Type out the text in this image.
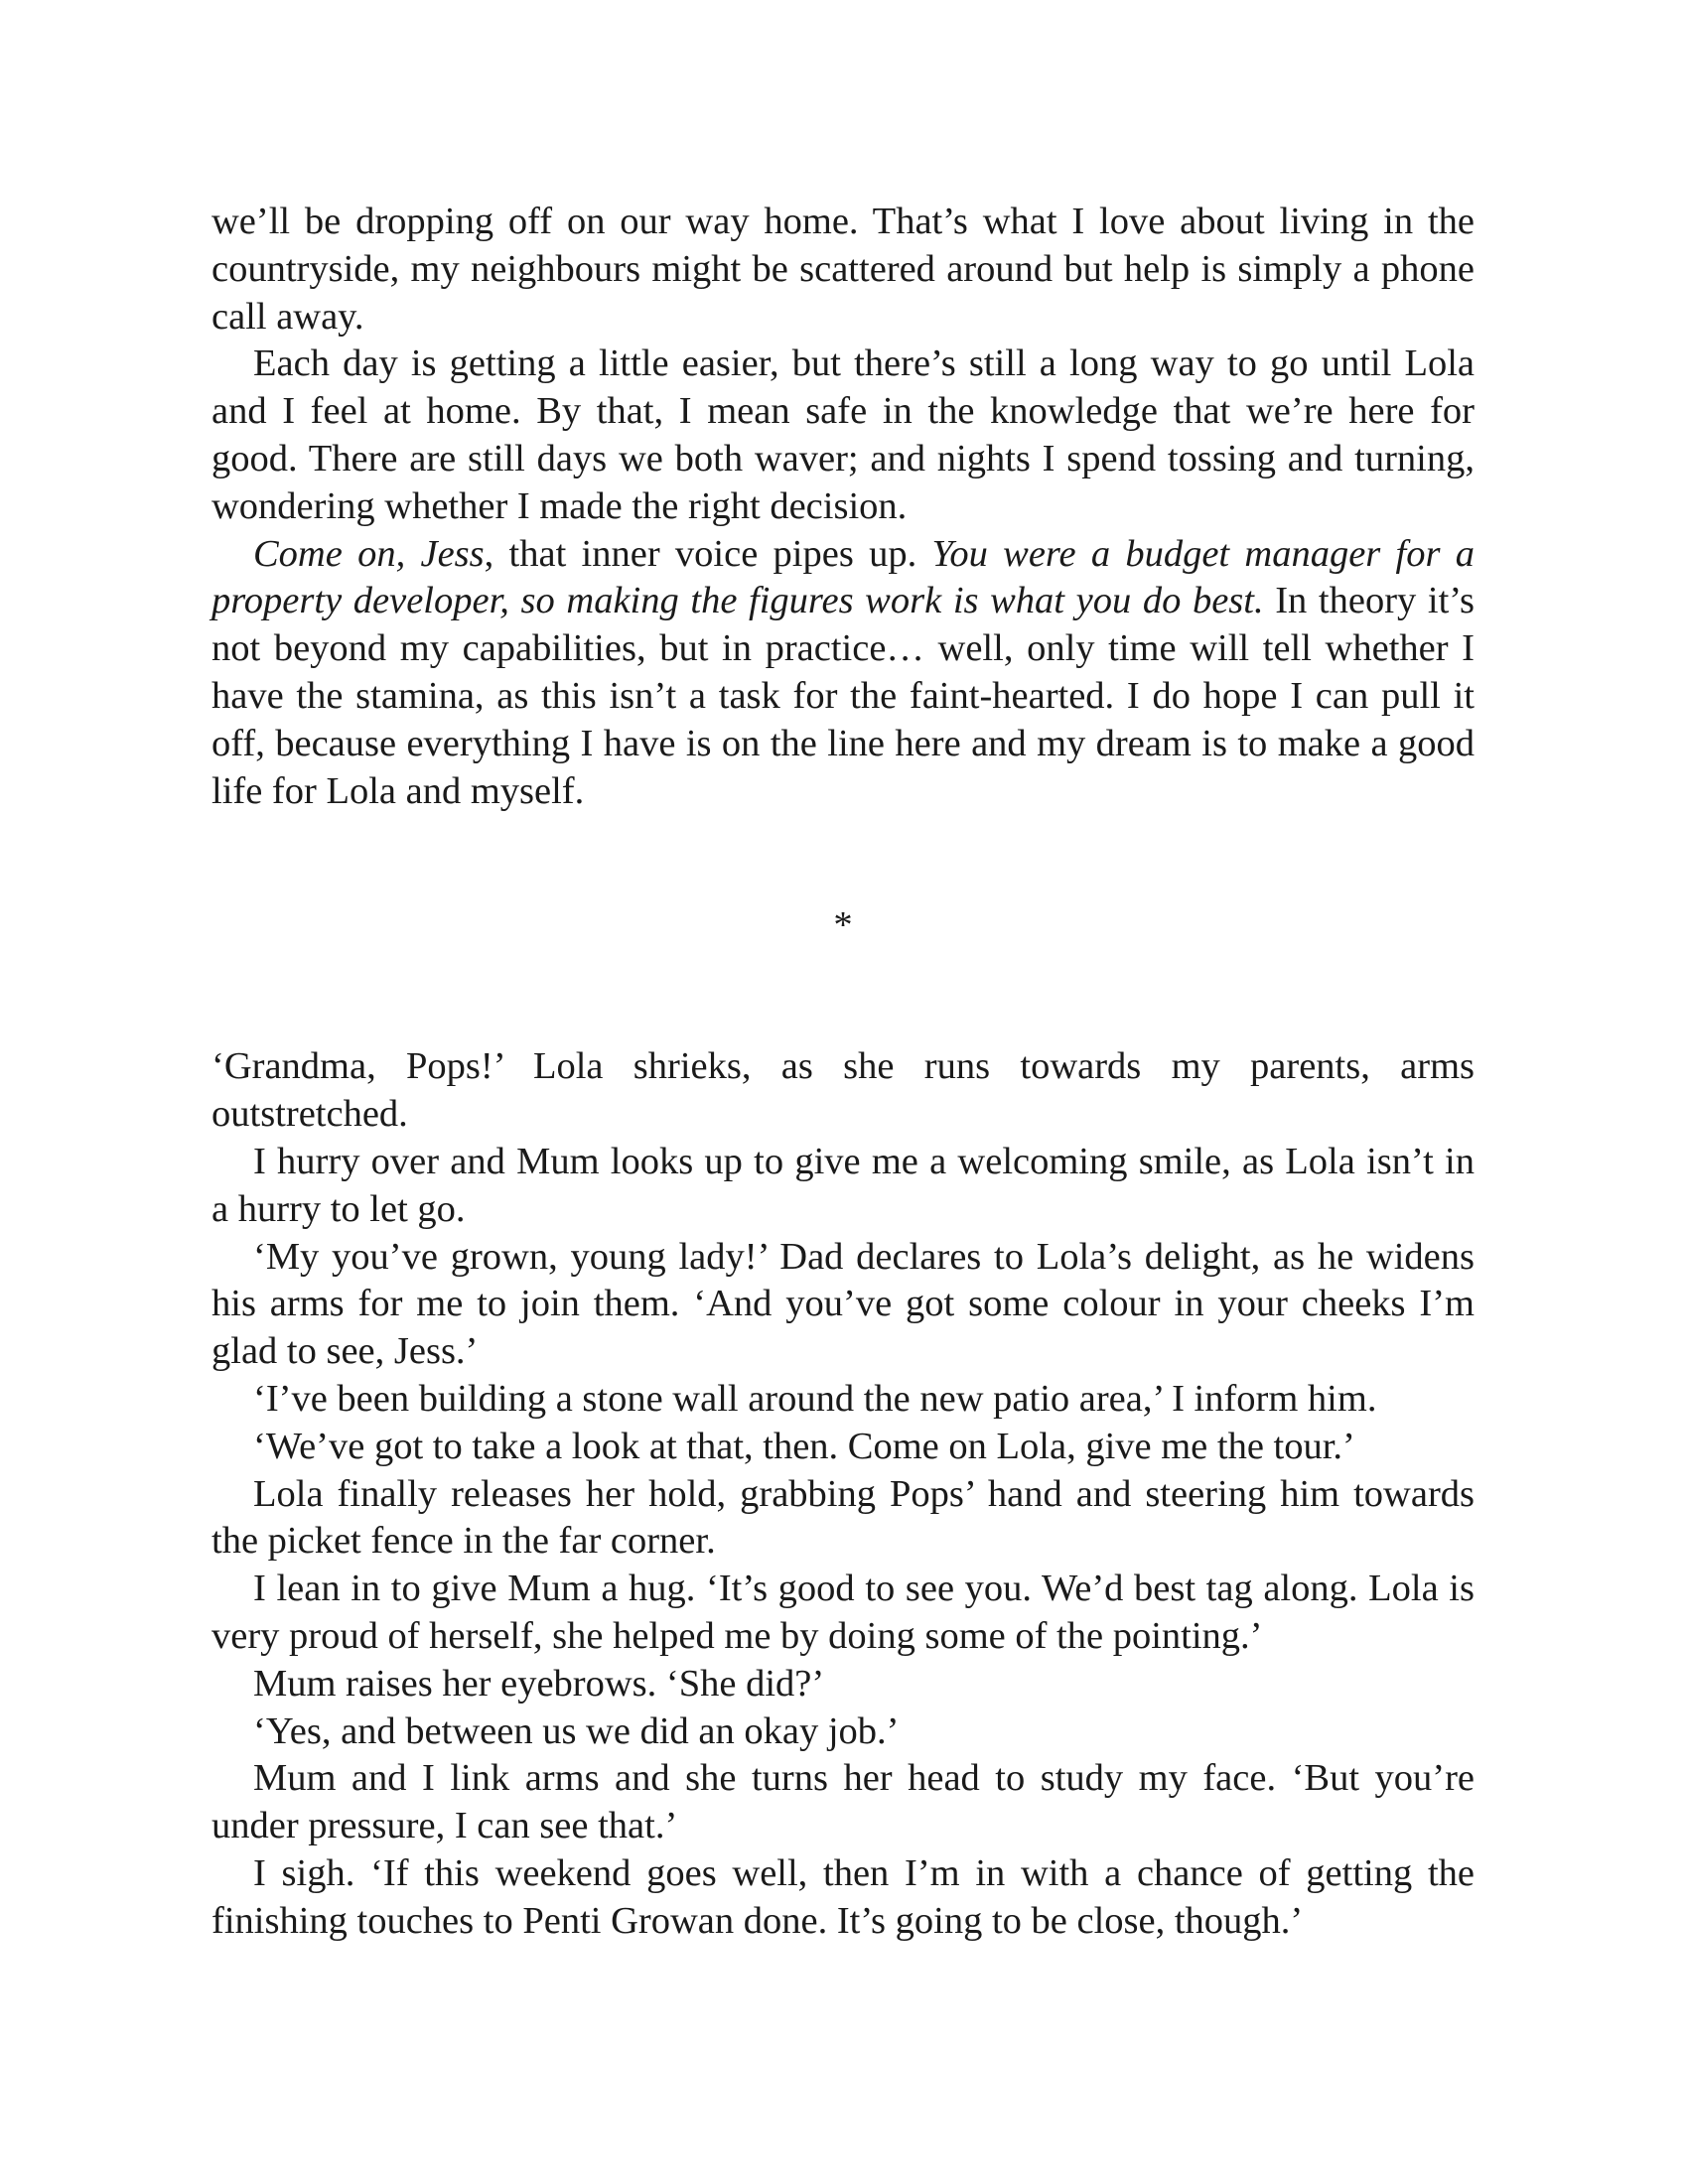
we’ll be dropping off on our way home. That’s what I love about living in the countryside, my neighbours might be scattered around but help is simply a phone call away.

Each day is getting a little easier, but there’s still a long way to go until Lola and I feel at home. By that, I mean safe in the knowledge that we’re here for good. There are still days we both waver; and nights I spend tossing and turning, wondering whether I made the right decision.

Come on, Jess, that inner voice pipes up. You were a budget manager for a property developer, so making the figures work is what you do best. In theory it’s not beyond my capabilities, but in practice… well, only time will tell whether I have the stamina, as this isn’t a task for the faint-hearted. I do hope I can pull it off, because everything I have is on the line here and my dream is to make a good life for Lola and myself.

*

‘Grandma, Pops!’ Lola shrieks, as she runs towards my parents, arms outstretched.

I hurry over and Mum looks up to give me a welcoming smile, as Lola isn’t in a hurry to let go.

‘My you’ve grown, young lady!’ Dad declares to Lola’s delight, as he widens his arms for me to join them. ‘And you’ve got some colour in your cheeks I’m glad to see, Jess.’

‘I’ve been building a stone wall around the new patio area,’ I inform him.

‘We’ve got to take a look at that, then. Come on Lola, give me the tour.’

Lola finally releases her hold, grabbing Pops’ hand and steering him towards the picket fence in the far corner.

I lean in to give Mum a hug. ‘It’s good to see you. We’d best tag along. Lola is very proud of herself, she helped me by doing some of the pointing.’

Mum raises her eyebrows. ‘She did?’

‘Yes, and between us we did an okay job.’

Mum and I link arms and she turns her head to study my face. ‘But you’re under pressure, I can see that.’

I sigh. ‘If this weekend goes well, then I’m in with a chance of getting the finishing touches to Penti Growan done. It’s going to be close, though.’
